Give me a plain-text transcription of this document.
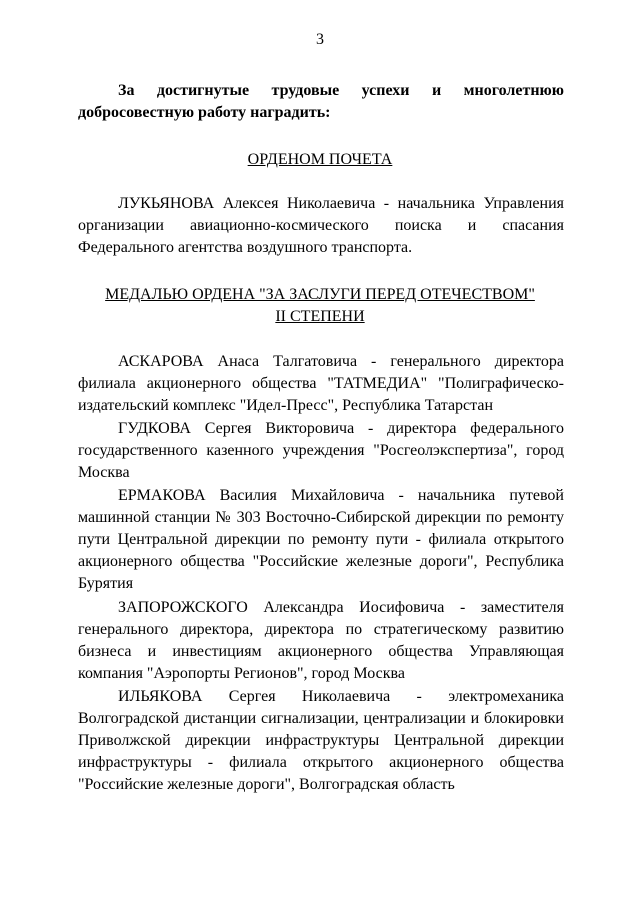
3
За достигнутые трудовые успехи и многолетнюю
добросовестную работу наградить:
ОРДЕНОМ ПОЧЕТА
ЛУКЬЯНОВА Алексея Николаевича - начальника Управления
организации авиационно-космического поиска и спасания
Федерального агентства воздушного транспорта.
МЕДАЛЬЮ ОРДЕНА "ЗА ЗАСЛУГИ ПЕРЕД ОТЕЧЕСТВОМ"
II СТЕПЕНИ
АСКАРОВА Анаса Талгатовича - генерального директора
филиала акционерного общества "ТАТМЕДИА" "Полиграфическо-
издательский комплекс "Идел-Пресс", Республика Татарстан
ГУДКОВА Сергея Викторовича - директора федерального
государственного казенного учреждения "Росгеолэкспертиза", город
Москва
ЕРМАКОВА Василия Михайловича - начальника путевой
машинной станции № 303 Восточно-Сибирской дирекции по ремонту
пути Центральной дирекции по ремонту пути - филиала открытого
акционерного общества "Российские железные дороги", Республика
Бурятия
ЗАПОРОЖСКОГО Александра Иосифовича - заместителя
генерального директора, директора по стратегическому развитию
бизнеса и инвестициям акционерного общества Управляющая
компания "Аэропорты Регионов", город Москва
ИЛЬЯКОВА Сергея Николаевича - электромеханика
Волгоградской дистанции сигнализации, централизации и блокировки
Приволжской дирекции инфраструктуры Центральной дирекции
инфраструктуры - филиала открытого акционерного общества
"Российские железные дороги", Волгоградская область
